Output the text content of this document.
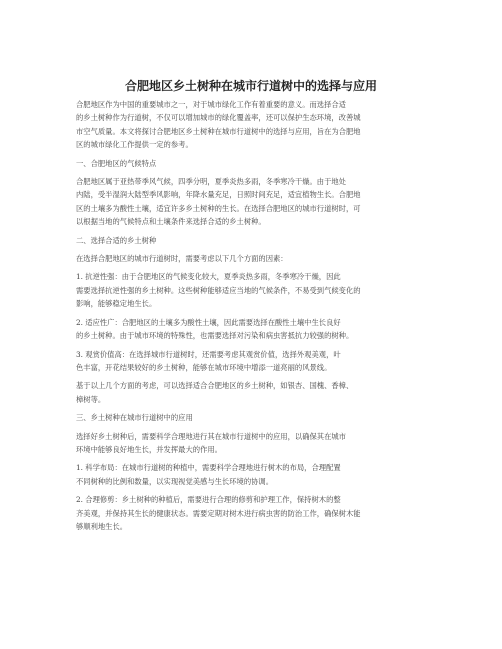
合肥地区乡土树种在城市行道树中的选择与应用
合肥地区作为中国的重要城市之一，对于城市绿化工作有着重要的意义。而选择合适
的乡土树种作为行道树，不仅可以增加城市的绿化覆盖率，还可以保护生态环境，改善城
市空气质量。本文将探讨合肥地区乡土树种在城市行道树中的选择与应用，旨在为合肥地
区的城市绿化工作提供一定的参考。
一、合肥地区的气候特点
合肥地区属于亚热带季风气候，四季分明，夏季炎热多雨，冬季寒冷干燥。由于地处
内陆，受半湿润大陆型季风影响，年降水量充足，日照时间充足，适宜植物生长。合肥地
区的土壤多为酸性土壤，适宜许多乡土树种的生长。在选择合肥地区的城市行道树时，可
以根据当地的气候特点和土壤条件来选择合适的乡土树种。
二、选择合适的乡土树种
在选择合肥地区的城市行道树时，需要考虑以下几个方面的因素：
1. 抗逆性强：由于合肥地区的气候变化较大，夏季炎热多雨，冬季寒冷干燥，因此
需要选择抗逆性强的乡土树种。这些树种能够适应当地的气候条件，不易受到气候变化的
影响，能够稳定地生长。
2. 适应性广：合肥地区的土壤多为酸性土壤，因此需要选择在酸性土壤中生长良好
的乡土树种。由于城市环境的特殊性，也需要选择对污染和病虫害抵抗力较强的树种。
3. 观赏价值高：在选择城市行道树时，还需要考虑其观赏价值，选择外观美观，叶
色丰富，开花结果较好的乡土树种，能够在城市环境中增添一道亮丽的风景线。
基于以上几个方面的考虑，可以选择适合合肥地区的乡土树种，如银杏、国槐、香樟、
樟树等。
三、乡土树种在城市行道树中的应用
选择好乡土树种后，需要科学合理地进行其在城市行道树中的应用，以确保其在城市
环境中能够良好地生长，并发挥最大的作用。
1. 科学布局：在城市行道树的种植中，需要科学合理地进行树木的布局，合理配置
不同树种的比例和数量，以实现视觉美感与生长环境的协调。
2. 合理修剪：乡土树种的种植后，需要进行合理的修剪和护理工作，保持树木的整
齐美观，并保持其生长的健康状态。需要定期对树木进行病虫害的防治工作，确保树木能
够顺利地生长。
